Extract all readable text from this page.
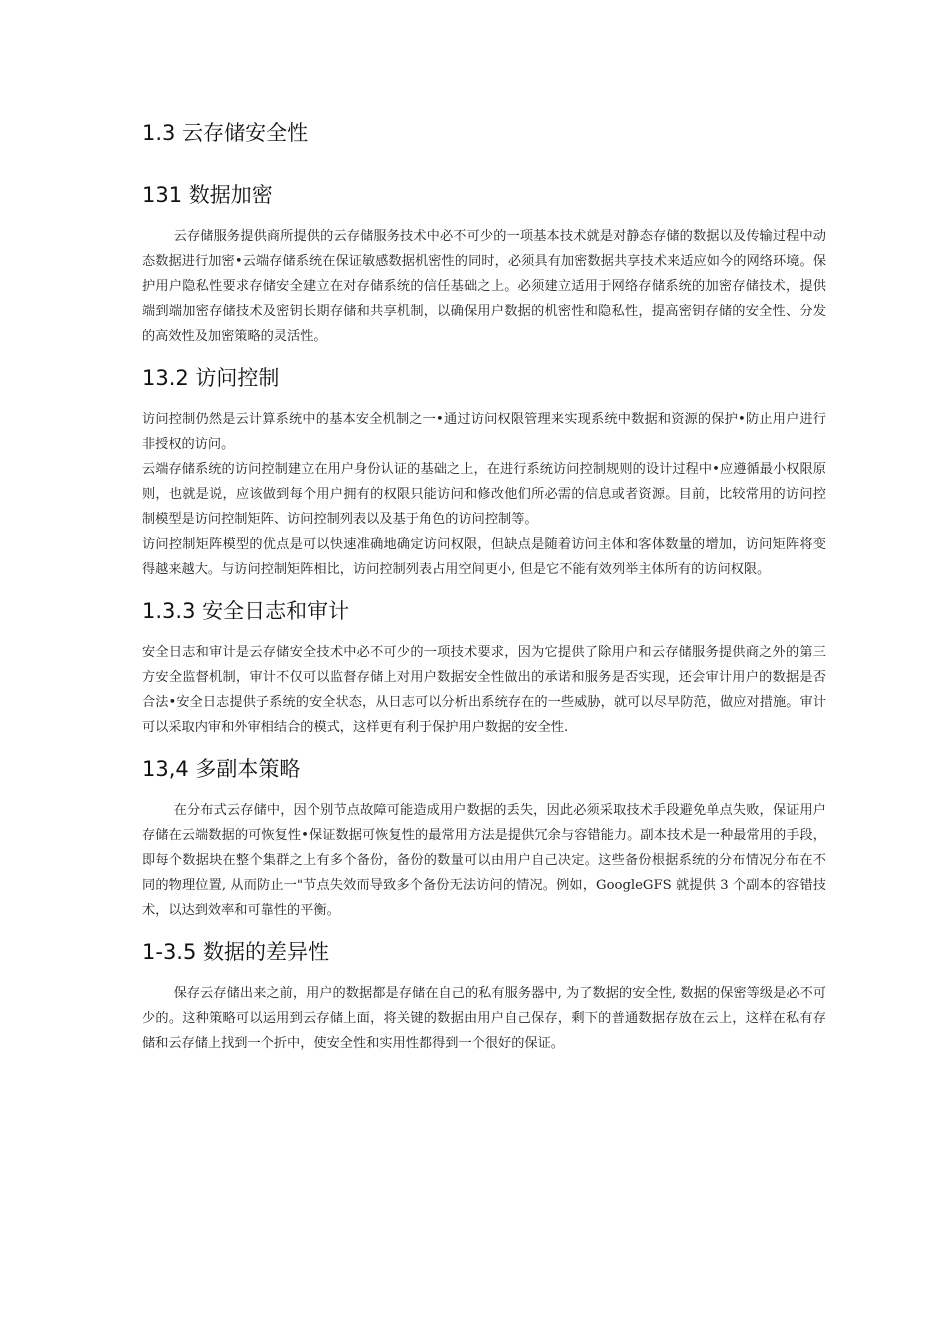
1.3 云存储安全性
131 数据加密

云存储服务提供商所提供的云存储服务技术中必不可少的一项基本技术就是对静态存储的数据以及传输过程中动态数据进行加密•云端存储系统在保证敏感数据机密性的同时，必须具有加密数据共享技术来适应如今的网络环境。保护用户隐私性要求存储安全建立在对存储系统的信任基础之上。必须建立适用于网络存储系统的加密存储技术，提供端到端加密存储技术及密钥长期存储和共享机制，以确保用户数据的机密性和隐私性，提高密钥存储的安全性、分发的高效性及加密策略的灵活性。

13.2 访问控制

访问控制仍然是云计算系统中的基本安全机制之一•通过访问权限管理来实现系统中数据和资源的保护•防止用户进行非授权的访问。

云端存储系统的访问控制建立在用户身份认证的基础之上，在进行系统访问控制规则的设计过程中•应遵循最小权限原则，也就是说，应该做到每个用户拥有的权限只能访问和修改他们所必需的信息或者资源。目前，比较常用的访问控制模型是访问控制矩阵、访问控制列表以及基于角色的访问控制等。

访问控制矩阵模型的优点是可以快速准确地确定访问权限，但缺点是随着访问主体和客体数量的增加，访问矩阵将变得越来越大。与访问控制矩阵相比，访问控制列表占用空间更小, 但是它不能有效列举主体所有的访问权限。

1.3.3 安全日志和审计

安全日志和审计是云存储安全技术中必不可少的一项技术要求，因为它提供了除用户和云存储服务提供商之外的第三方安全监督机制，审计不仅可以监督存储上对用户数据安全性做出的承诺和服务是否实现，还会审计用户的数据是否合法•安全日志提供子系统的安全状态，从日志可以分析出系统存在的一些威胁，就可以尽早防范，做应对措施。审计可以采取内审和外审相结合的模式，这样更有利于保护用户数据的安全性.

13,4 多副本策略

在分布式云存储中，因个别节点故障可能造成用户数据的丢失，因此必须采取技术手段避免单点失败，保证用户存储在云端数据的可恢复性•保证数据可恢复性的最常用方法是提供冗余与容错能力。副本技术是一种最常用的手段，即每个数据块在整个集群之上有多个备份，备份的数量可以由用户自己决定。这些备份根据系统的分布情况分布在不同的物理位置, 从而防止一"节点失效而导致多个备份无法访问的情况。例如，GoogleGFS 就提供 3 个副本的容错技术，以达到效率和可靠性的平衡。

1-3.5 数据的差异性

保存云存储出来之前，用户的数据都是存储在自己的私有服务器中, 为了数据的安全性, 数据的保密等级是必不可少的。这种策略可以运用到云存储上面，将关键的数据由用户自己保存，剩下的普通数据存放在云上，这样在私有存储和云存储上找到一个折中，使安全性和实用性都得到一个很好的保证。
